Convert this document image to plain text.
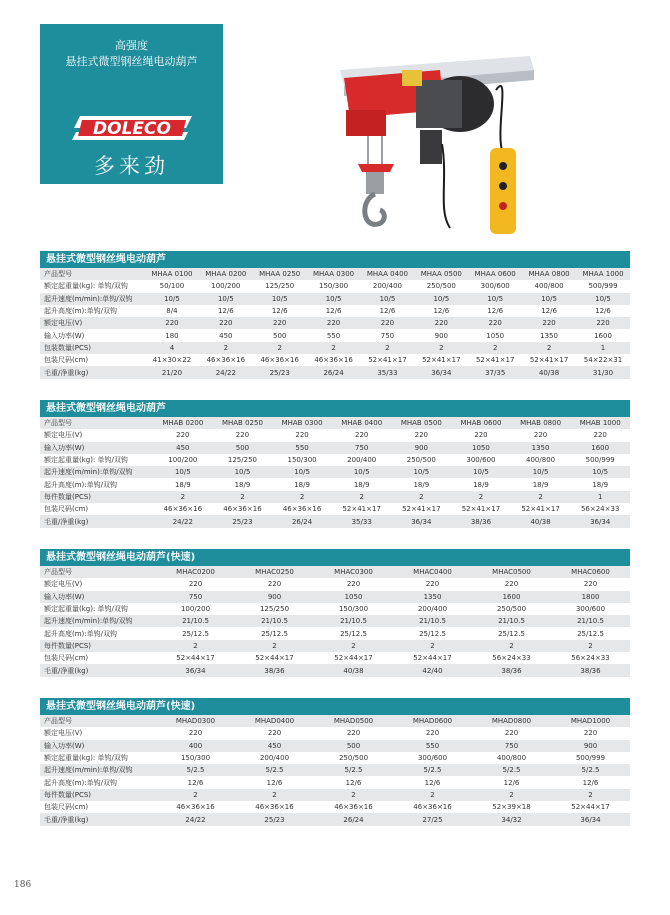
高强度
悬挂式微型钢丝绳电动葫芦
DOLECO
多来劲
悬挂式微型钢丝绳电动葫芦
产品型号	MHAA 0100	MHAA 0200	MHAA 0250	MHAA 0300	MHAA 0400	MHAA 0500	MHAA 0600	MHAA 0800	MHAA 1000
额定起重量(kg): 单钩/双钩	50/100	100/200	125/250	150/300	200/400	250/500	300/600	400/800	500/999
起升速度(m/min):单钩/双钩	10/5	10/5	10/5	10/5	10/5	10/5	10/5	10/5	10/5
起升高度(m):单钩/双钩	8/4	12/6	12/6	12/6	12/6	12/6	12/6	12/6	12/6
额定电压(V)	220	220	220	220	220	220	220	220	220
输入功率(W)	180	450	500	550	750	900	1050	1350	1600
包装数量(PCS)	4	2	2	2	2	2	2	2	1
包装尺码(cm)	41×30×22	46×36×16	46×36×16	46×36×16	52×41×17	52×41×17	52×41×17	52×41×17	54×22×31
毛重/净重(kg)	21/20	24/22	25/23	26/24	35/33	36/34	37/35	40/38	31/30
悬挂式微型钢丝绳电动葫芦
产品型号	MHAB 0200	MHAB 0250	MHAB 0300	MHAB 0400	MHAB 0500	MHAB 0600	MHAB 0800	MHAB 1000
额定电压(V)	220	220	220	220	220	220	220	220
输入功率(W)	450	500	550	750	900	1050	1350	1600
额定起重量(kg): 单钩/双钩	100/200	125/250	150/300	200/400	250/500	300/600	400/800	500/999
起升速度(m/min):单钩/双钩	10/5	10/5	10/5	10/5	10/5	10/5	10/5	10/5
起升高度(m):单钩/双钩	18/9	18/9	18/9	18/9	18/9	18/9	18/9	18/9
每件数量(PCS)	2	2	2	2	2	2	2	1
包装尺码(cm)	46×36×16	46×36×16	46×36×16	52×41×17	52×41×17	52×41×17	52×41×17	56×24×33
毛重/净重(kg)	24/22	25/23	26/24	35/33	36/34	38/36	40/38	36/34
悬挂式微型钢丝绳电动葫芦(快速)
产品型号	MHAC0200	MHAC0250	MHAC0300	MHAC0400	MHAC0500	MHAC0600
额定电压(V)	220	220	220	220	220	220
输入功率(W)	750	900	1050	1350	1600	1800
额定起重量(kg): 单钩/双钩	100/200	125/250	150/300	200/400	250/500	300/600
起升速度(m/min):单钩/双钩	21/10.5	21/10.5	21/10.5	21/10.5	21/10.5	21/10.5
起升高度(m):单钩/双钩	25/12.5	25/12.5	25/12.5	25/12.5	25/12.5	25/12.5
每件数量(PCS)	2	2	2	2	2	2
包装尺码(cm)	52×44×17	52×44×17	52×44×17	52×44×17	56×24×33	56×24×33
毛重/净重(kg)	36/34	38/36	40/38	42/40	38/36	38/36
悬挂式微型钢丝绳电动葫芦(快速)
产品型号	MHAD0300	MHAD0400	MHAD0500	MHAD0600	MHAD0800	MHAD1000
额定电压(V)	220	220	220	220	220	220
输入功率(W)	400	450	500	550	750	900
额定起重量(kg): 单钩/双钩	150/300	200/400	250/500	300/600	400/800	500/999
起升速度(m/min):单钩/双钩	5/2.5	5/2.5	5/2.5	5/2.5	5/2.5	5/2.5
起升高度(m):单钩/双钩	12/6	12/6	12/6	12/6	12/6	12/6
每件数量(PCS)	2	2	2	2	2	2
包装尺码(cm)	46×36×16	46×36×16	46×36×16	46×36×16	52×39×18	52×44×17
毛重/净重(kg)	24/22	25/23	26/24	27/25	34/32	36/34
186
